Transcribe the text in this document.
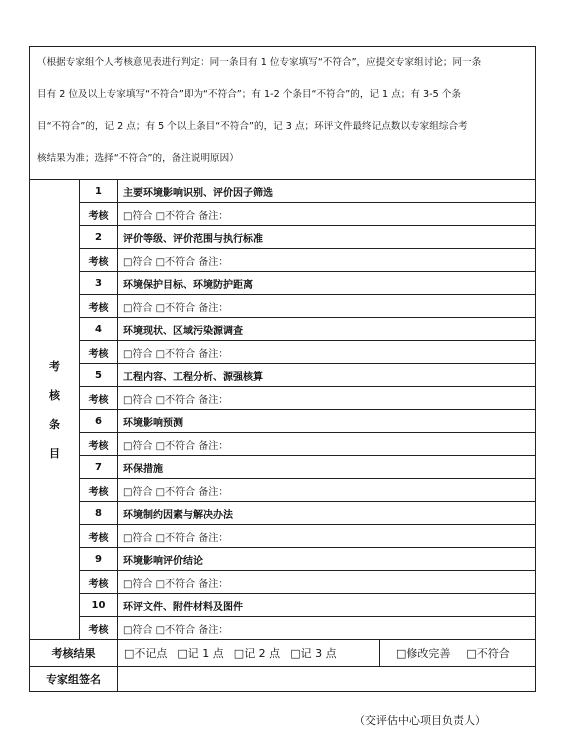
（根据专家组个人考核意见表进行判定：同一条目有 1 位专家填写“不符合”，应提交专家组讨论；同一条

目有 2 位及以上专家填写“不符合”即为“不符合”；有 1-2 个条目“不符合”的，记 1 点；有 3-5 个条

目“不符合”的，记 2 点；有 5 个以上条目“不符合”的，记 3 点；环评文件最终记点数以专家组综合考

核结果为准；选择“不符合”的，备注说明原因）			

考
核
条
目	1	主要环境影响识别、评价因子筛选	
	考核	□符合 □不符合 备注：	
	2	评价等级、评价范围与执行标准	
	考核	□符合 □不符合 备注：	
	3	环境保护目标、环境防护距离	
	考核	□符合 □不符合 备注：	
	4	环境现状、区域污染源调查	
	考核	□符合 □不符合 备注：	
	5	工程内容、工程分析、源强核算	
	考核	□符合 □不符合 备注：	
	6	环境影响预测	
	考核	□符合 □不符合 备注：	
	7	环保措施	
	考核	□符合 □不符合 备注：	
	8	环境制约因素与解决办法	
	考核	□符合 □不符合 备注：	
	9	环境影响评价结论	
	考核	□符合 □不符合 备注：	
	10	环评文件、附件材料及图件	
	考核	□符合 □不符合 备注：	
考核结果		□不记点 □记 1 点 □记 2 点 □记 3 点	□修改完善 □不符合
专家组签名			
（交评估中心项目负责人）
